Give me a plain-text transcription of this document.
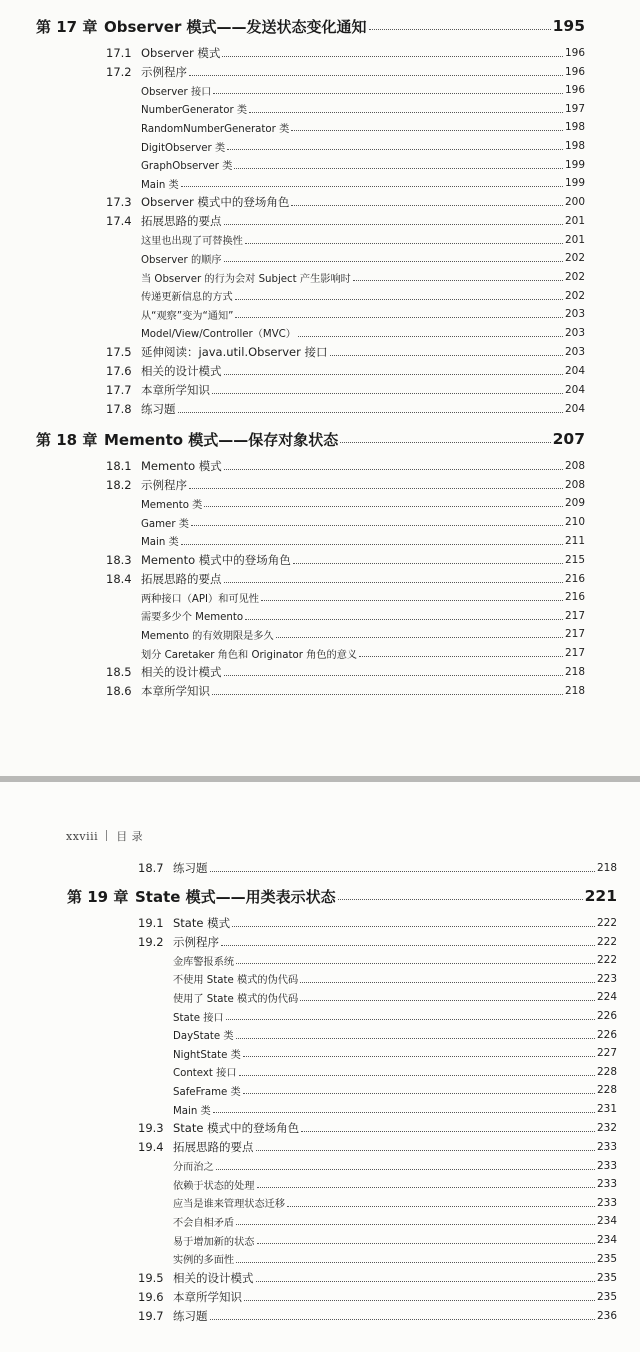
第 17 章 Observer 模式——发送状态变化通知	195
17.1 Observer 模式	196
17.2 示例程序	196
Observer 接口	196
NumberGenerator 类	197
RandomNumberGenerator 类	198
DigitObserver 类	198
GraphObserver 类	199
Main 类	199
17.3 Observer 模式中的登场角色	200
17.4 拓展思路的要点	201
这里也出现了可替换性	201
Observer 的顺序	202
当 Observer 的行为会对 Subject 产生影响时	202
传递更新信息的方式	202
从“观察”变为“通知”	203
Model/View/Controller（MVC）	203
17.5 延伸阅读：java.util.Observer 接口	203
17.6 相关的设计模式	204
17.7 本章所学知识	204
17.8 练习题	204
第 18 章 Memento 模式——保存对象状态	207
18.1 Memento 模式	208
18.2 示例程序	208
Memento 类	209
Gamer 类	210
Main 类	211
18.3 Memento 模式中的登场角色	215
18.4 拓展思路的要点	216
两种接口（API）和可见性	216
需要多少个 Memento	217
Memento 的有效期限是多久	217
划分 Caretaker 角色和 Originator 角色的意义	217
18.5 相关的设计模式	218
18.6 本章所学知识	218
xxviii 目 录
18.7 练习题	218
第 19 章 State 模式——用类表示状态	221
19.1 State 模式	222
19.2 示例程序	222
金库警报系统	222
不使用 State 模式的伪代码	223
使用了 State 模式的伪代码	224
State 接口	226
DayState 类	226
NightState 类	227
Context 接口	228
SafeFrame 类	228
Main 类	231
19.3 State 模式中的登场角色	232
19.4 拓展思路的要点	233
分而治之	233
依赖于状态的处理	233
应当是谁来管理状态迁移	233
不会自相矛盾	234
易于增加新的状态	234
实例的多面性	235
19.5 相关的设计模式	235
19.6 本章所学知识	235
19.7 练习题	236
